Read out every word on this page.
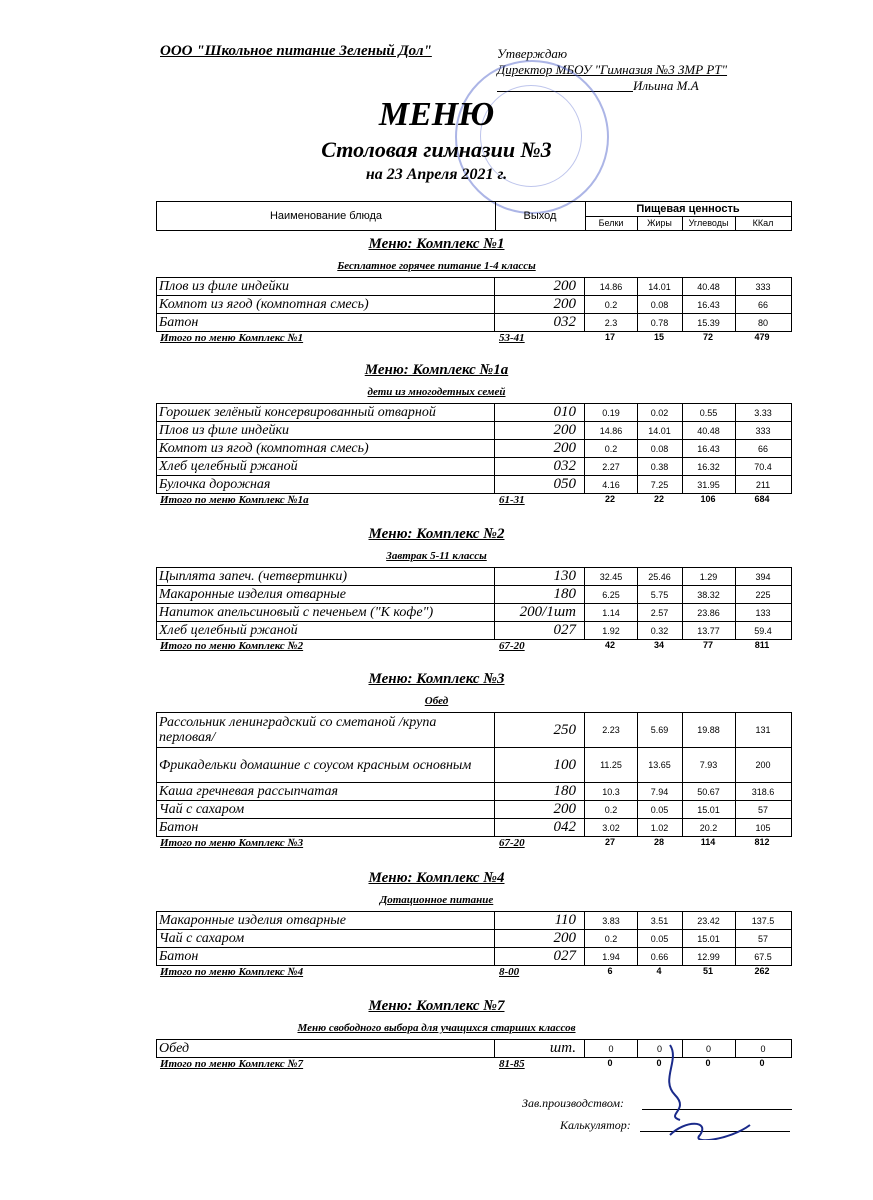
ООО "Школьное питание Зеленый Дол"	Утверждаю
Директор МБОУ "Гимназия №3 ЗМР РТ"
Ильина М.А
МЕНЮ
Столовая гимназии №3
на 23 Апреля 2021 г.
Наименование блюда	Выход
Пищевая ценность
Белки	Жиры	Углеводы	ККал
Меню: Комплекс №1
Бесплатное горячее питание 1-4 классы
Плов из филе индейки	200	14.86	14.01	40.48	333
Компот из ягод (компотная смесь)	200	0.2	0.08	16.43	66
Батон	032	2.3	0.78	15.39	80
Итого по меню Комплекс №1	53-41	17	15	72	479
Меню: Комплекс №1а
дети из многодетных семей
Горошек зелёный консервированный отварной	010	0.19	0.02	0.55	3.33
Плов из филе индейки	200	14.86	14.01	40.48	333
Компот из ягод (компотная смесь)	200	0.2	0.08	16.43	66
Хлеб целебный ржаной	032	2.27	0.38	16.32	70.4
Булочка дорожная	050	4.16	7.25	31.95	211
Итого по меню Комплекс №1а	61-31	22	22	106	684
Меню: Комплекс №2
Завтрак 5-11 классы
Цыплята запеч. (четвертинки)	130	32.45	25.46	1.29	394
Макаронные изделия отварные	180	6.25	5.75	38.32	225
Напиток апельсиновый с печеньем ("К кофе")	200/1шт	1.14	2.57	23.86	133
Хлеб целебный ржаной	027	1.92	0.32	13.77	59.4
Итого по меню Комплекс №2	67-20	42	34	77	811
Меню: Комплекс №3
Обед
Рассольник ленинградский со сметаной /крупа перловая/	250	2.23	5.69	19.88	131
Фрикадельки домашние с соусом красным основным	100	11.25	13.65	7.93	200
Каша гречневая рассыпчатая	180	10.3	7.94	50.67	318.6
Чай с сахаром	200	0.2	0.05	15.01	57
Батон	042	3.02	1.02	20.2	105
Итого по меню Комплекс №3	67-20	27	28	114	812
Меню: Комплекс №4
Дотационное питание
Макаронные изделия отварные	110	3.83	3.51	23.42	137.5
Чай с сахаром	200	0.2	0.05	15.01	57
Батон	027	1.94	0.66	12.99	67.5
Итого по меню Комплекс №4	8-00	6	4	51	262
Меню: Комплекс №7
Меню свободного выбора для учащихся старших классов
Обед	шт.	0	0	0	0
Итого по меню Комплекс №7	81-85	0	0	0	0
Зав.производством:
Калькулятор:
